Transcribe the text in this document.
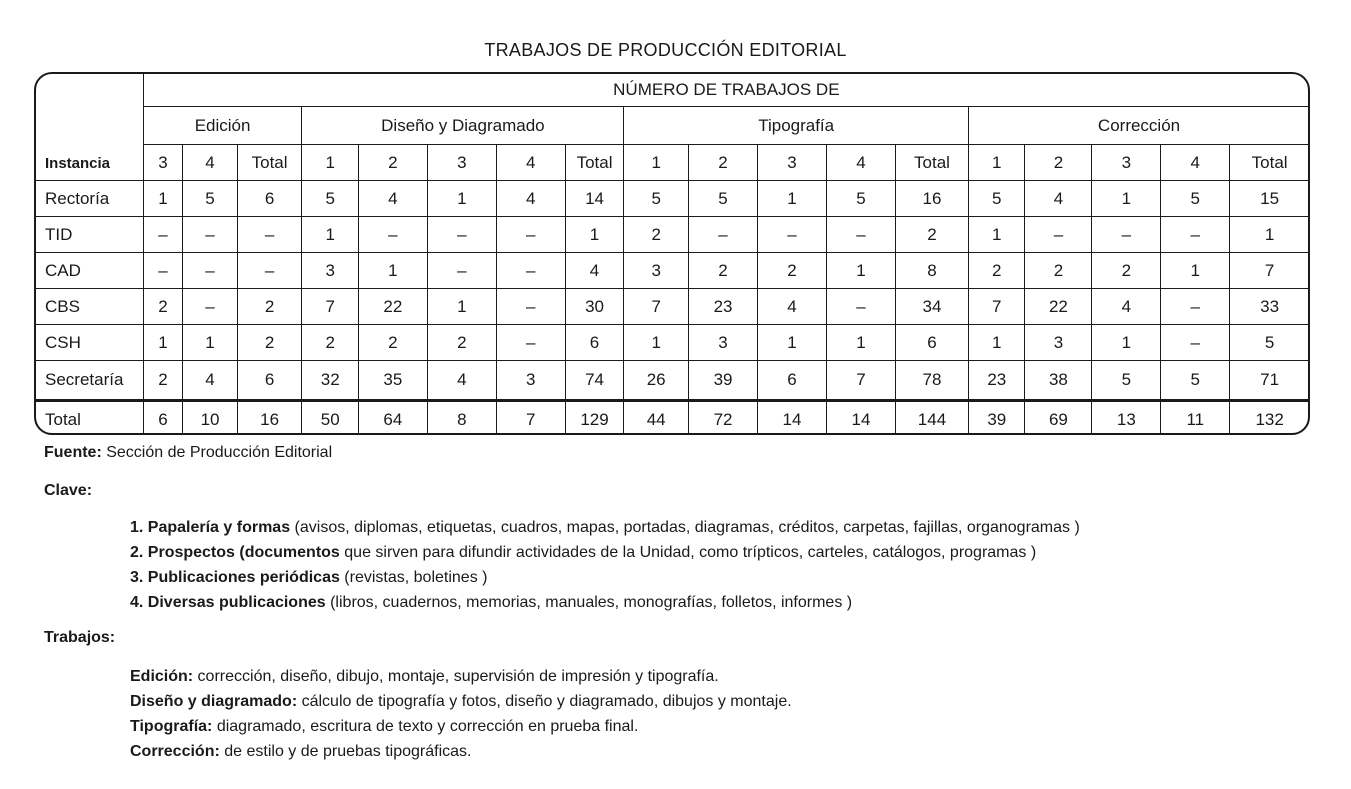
TRABAJOS DE PRODUCCIÓN EDITORIAL
	NÚMERO DE TRABAJOS DE																	
	Edición			Diseño y Diagramado					Tipografía					Corrección				
Instancia	3	4	Total	1	2	3	4	Total	1	2	3	4	Total	1	2	3	4	Total
Rectoría	1	5	6	5	4	1	4	14	5	5	1	5	16	5	4	1	5	15
TID	–	–	–	1	–	–	–	1	2	–	–	–	2	1	–	–	–	1
CAD	–	–	–	3	1	–	–	4	3	2	2	1	8	2	2	2	1	7
CBS	2	–	2	7	22	1	–	30	7	23	4	–	34	7	22	4	–	33
CSH	1	1	2	2	2	2	–	6	1	3	1	1	6	1	3	1	–	5
Secretaría	2	4	6	32	35	4	3	74	26	39	6	7	78	23	38	5	5	71
Total	6	10	16	50	64	8	7	129	44	72	14	14	144	39	69	13	11	132
Fuente: Sección de Producción Editorial
Clave:
1. Papalería y formas (avisos, diplomas, etiquetas, cuadros, mapas, portadas, diagramas, créditos, carpetas, fajillas, organogramas )
2. Prospectos (documentos que sirven para difundir actividades de la Unidad, como trípticos, carteles, catálogos, programas )
3. Publicaciones periódicas (revistas, boletines )
4. Diversas publicaciones (libros, cuadernos, memorias, manuales, monografías, folletos, informes )
Trabajos:
Edición: corrección, diseño, dibujo, montaje, supervisión de impresión y tipografía.
Diseño y diagramado: cálculo de tipografía y fotos, diseño y diagramado, dibujos y montaje.
Tipografía: diagramado, escritura de texto y corrección en prueba final.
Corrección: de estilo y de pruebas tipográficas.
